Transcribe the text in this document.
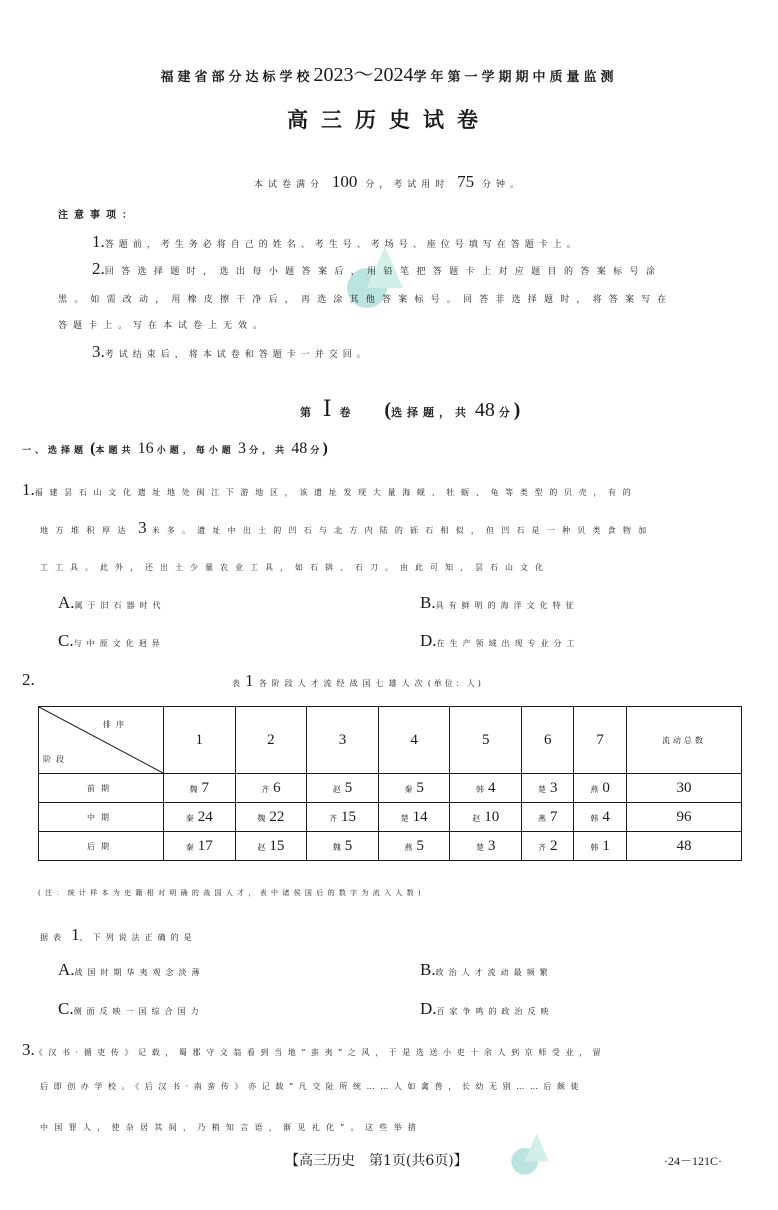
福建省部分达标学校2023～2024学年第一学期期中质量监测
高三历史试卷
本试卷满分 100 分，考试用时 75 分钟。
注意事项：
1.答题前，考生务必将自己的姓名、考生号、考场号、座位号填写在答题卡上。
2.回答选择题时，选出每小题答案后，用铅笔把答题卡上对应题目的答案标号涂
黑。如需改动，用橡皮擦干净后，再选涂其他答案标号。回答非选择题时，将答案写在
答题卡上。写在本试卷上无效。
3.考试结束后，将本试卷和答题卡一并交回。
第 Ⅰ 卷 (选择题，共 48 分 )
一、选择题 (本题共 16 小题，每小题 3 分，共 48 分 )
1.福建昙石山文化遗址地处闽江下游地区，该遗址发现大量海蚬、牡蛎、龟等类型的贝壳，有的
地方堆积厚达 3 米多。遗址中出土的凹石与北方内陆的砾石相似，但凹石是一种贝类食物加
工工具。此外，还出土少量农业工具，如石锛、石刀。由此可知，昙石山文化
A.属于旧石器时代	B.具有鲜明的海洋文化特征
C.与中原文化迥异	D.在生产领域出现专业分工
2.	表 1 各阶段人才流经战国七雄人次(单位：人)
排序
阶段	1	2	3	4	5	6	7	流动总数
前期	魏 7	齐 6	赵 5	秦 5	韩 4	楚 3	燕 0	30
中期	秦 24	魏 22	齐 15	楚 14	赵 10	燕 7	韩 4	96
后期	秦 17	赵 15	魏 5	燕 5	楚 3	齐 2	韩 1	48
(注：统计样本为史籍相对明确的战国人才，表中诸侯国后的数字为流入人数)
据表 1，下列说法正确的是
A.战国时期华夷观念淡薄	B.政治人才流动最频繁
C.侧面反映一国综合国力	D.百家争鸣的政治反映
3.《汉书·循吏传》记载，蜀郡守文翁看到当地“蛮夷”之风，于是选送小吏十余人到京师受业，留
后即创办学校。《后汉书·南蛮传》亦记载“凡交阯所统……人如禽兽，长幼无别……后颇徙
中国罪人，使杂居其间，乃稍知言语，渐见礼化”。这些举措
【高三历史　第1页(共6页)】	·24－121C·
